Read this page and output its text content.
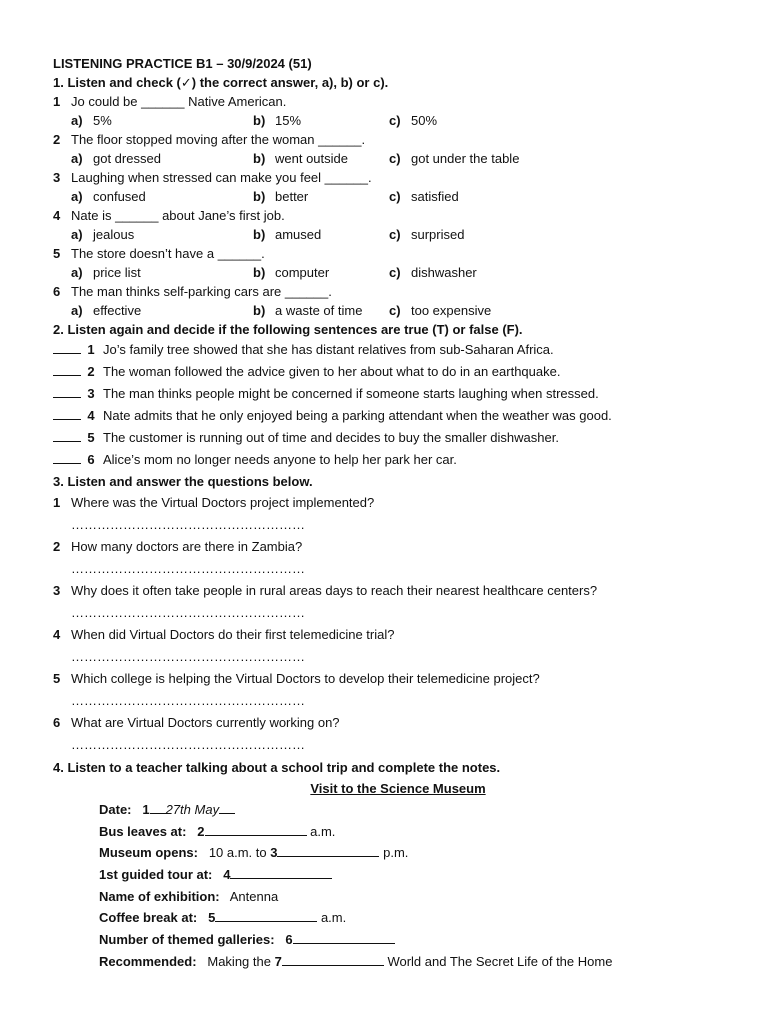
LISTENING PRACTICE B1 – 30/9/2024 (51)
1. Listen and check (✓) the correct answer, a), b) or c).
1 Jo could be ______ Native American.
a) 5%	b) 15%	c) 50%
2 The floor stopped moving after the woman ______.
a) got dressed	b) went outside	c) got under the table
3 Laughing when stressed can make you feel ______.
a) confused	b) better	c) satisfied
4 Nate is ______ about Jane’s first job.
a) jealous	b) amused	c) surprised
5 The store doesn’t have a ______.
a) price list	b) computer	c) dishwasher
6 The man thinks self-parking cars are ______.
a) effective	b) a waste of time c) too expensive
2. Listen again and decide if the following sentences are true (T) or false (F).
1 Jo’s family tree showed that she has distant relatives from sub-Saharan Africa.
2 The woman followed the advice given to her about what to do in an earthquake.
3 The man thinks people might be concerned if someone starts laughing when stressed.
4 Nate admits that he only enjoyed being a parking attendant when the weather was good.
5 The customer is running out of time and decides to buy the smaller dishwasher.
6 Alice’s mom no longer needs anyone to help her park her car.
3. Listen and answer the questions below.
1 Where was the Virtual Doctors project implemented?
………………………………………………
2 How many doctors are there in Zambia?
………………………………………………
3 Why does it often take people in rural areas days to reach their nearest healthcare centers?
………………………………………………
4 When did Virtual Doctors do their first telemedicine trial?
………………………………………………
5 Which college is helping the Virtual Doctors to develop their telemedicine project?
………………………………………………
6 What are Virtual Doctors currently working on?
………………………………………………
4. Listen to a teacher talking about a school trip and complete the notes.
Visit to the Science Museum
Date: 1 27th May
Bus leaves at: 2	a.m.
Museum opens: 10 a.m. to 3	p.m.
1st guided tour at: 4
Name of exhibition: Antenna
Coffee break at: 5	a.m.
Number of themed galleries: 6
Recommended: Making the 7	World and The Secret Life of the Home
